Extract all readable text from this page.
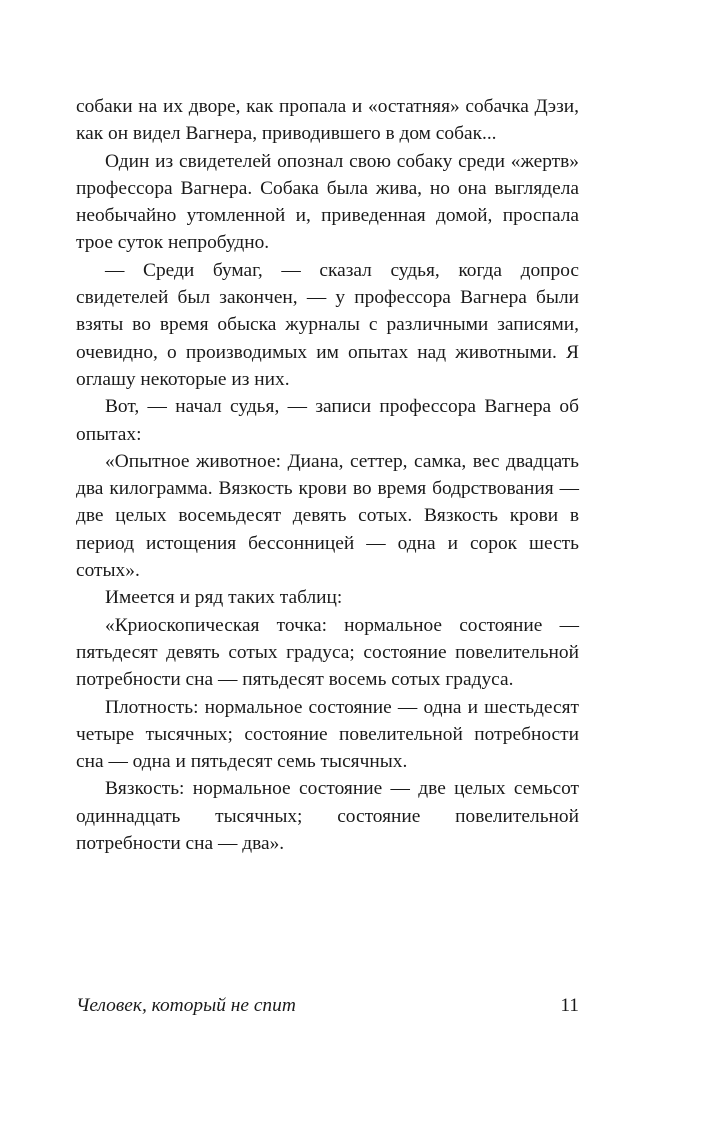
собаки на их дворе, как пропала и «остатняя» собачка Дэзи, как он видел Вагнера, приводившего в дом собак...

Один из свидетелей опознал свою собаку среди «жертв» профессора Вагнера. Собака была жива, но она выглядела необычайно утомленной и, приведенная домой, проспала трое суток непробудно.

— Среди бумаг, — сказал судья, когда допрос свидетелей был закончен, — у профессора Вагнера были взяты во время обыска журналы с различными записями, очевидно, о производимых им опытах над животными. Я оглашу некоторые из них.

Вот, — начал судья, — записи профессора Вагнера об опытах:

«Опытное животное: Диана, сеттер, самка, вес двадцать два килограмма. Вязкость крови во время бодрствования — две целых восемьдесят девять сотых. Вязкость крови в период истощения бессонницей — одна и сорок шесть сотых».

Имеется и ряд таких таблиц:

«Криоскопическая точка: нормальное состояние — пятьдесят девять сотых градуса; состояние повелительной потребности сна — пятьдесят восемь сотых градуса.

Плотность: нормальное состояние — одна и шестьдесят четыре тысячных; состояние повелительной потребности сна — одна и пятьдесят семь тысячных.

Вязкость: нормальное состояние — две целых семьсот одиннадцать тысячных; состояние повелительной потребности сна — два».

Человек, который не спит	11
